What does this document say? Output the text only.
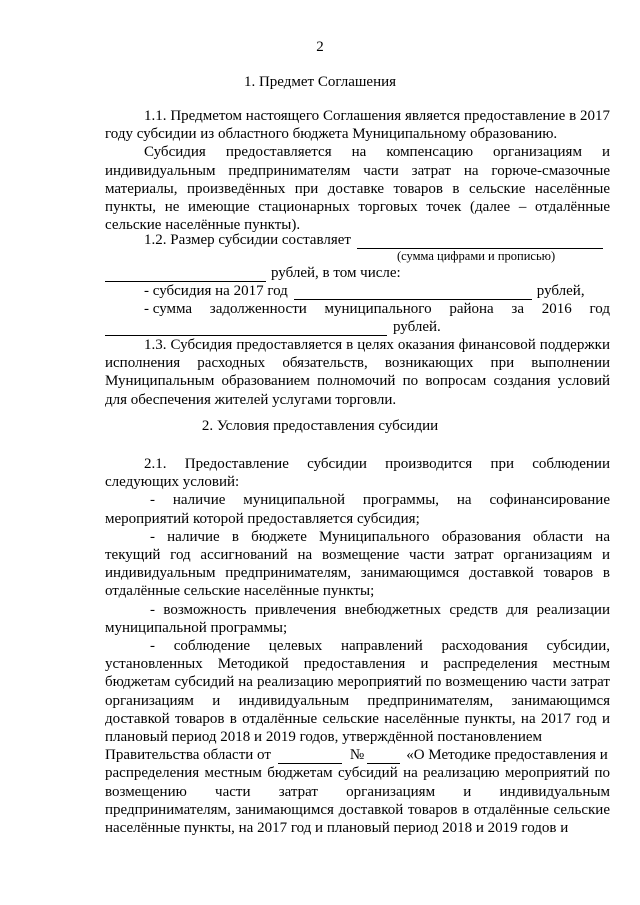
2
1. Предмет Соглашения

1.1. Предметом настоящего Соглашения является предоставление в 2017 году субсидии из областного бюджета Муниципальному образованию.

Субсидия предоставляется на компенсацию организациям и индивидуальным предпринимателям части затрат на горюче-смазочные материалы, произведённых при доставке товаров в сельские населённые пункты, не имеющие стационарных торговых точек (далее – отдалённые сельские населённые пункты).

1.2. Размер субсидии составляет
(сумма цифрами и прописью)
рублей, в том числе:
- субсидия на 2017 год	рублей,
- сумма задолженности муниципального района за 2016 год
рублей.

1.3. Субсидия предоставляется в целях оказания финансовой поддержки исполнения расходных обязательств, возникающих при выполнении Муниципальным образованием полномочий по вопросам создания условий для обеспечения жителей услугами торговли.

2. Условия предоставления субсидии

2.1. Предоставление субсидии производится при соблюдении следующих условий:

- наличие муниципальной программы, на софинансирование мероприятий которой предоставляется субсидия;

- наличие в бюджете Муниципального образования области на текущий год ассигнований на возмещение части затрат организациям и индивидуальным предпринимателям, занимающимся доставкой товаров в отдалённые сельские населённые пункты;

- возможность привлечения внебюджетных средств для реализации муниципальной программы;

- соблюдение целевых направлений расходования субсидии, установленных Методикой предоставления и распределения местным бюджетам субсидий на реализацию мероприятий по возмещению части затрат организациям и индивидуальным предпринимателям, занимающимся доставкой товаров в отдалённые сельские населённые пункты, на 2017 год и плановый период 2018 и 2019 годов, утверждённой постановлением

Правительства области от	№	«О Методике предоставления и

распределения местным бюджетам субсидий на реализацию мероприятий по возмещению части затрат организациям и индивидуальным предпринимателям, занимающимся доставкой товаров в отдалённые сельские населённые пункты, на 2017 год и плановый период 2018 и 2019 годов и
